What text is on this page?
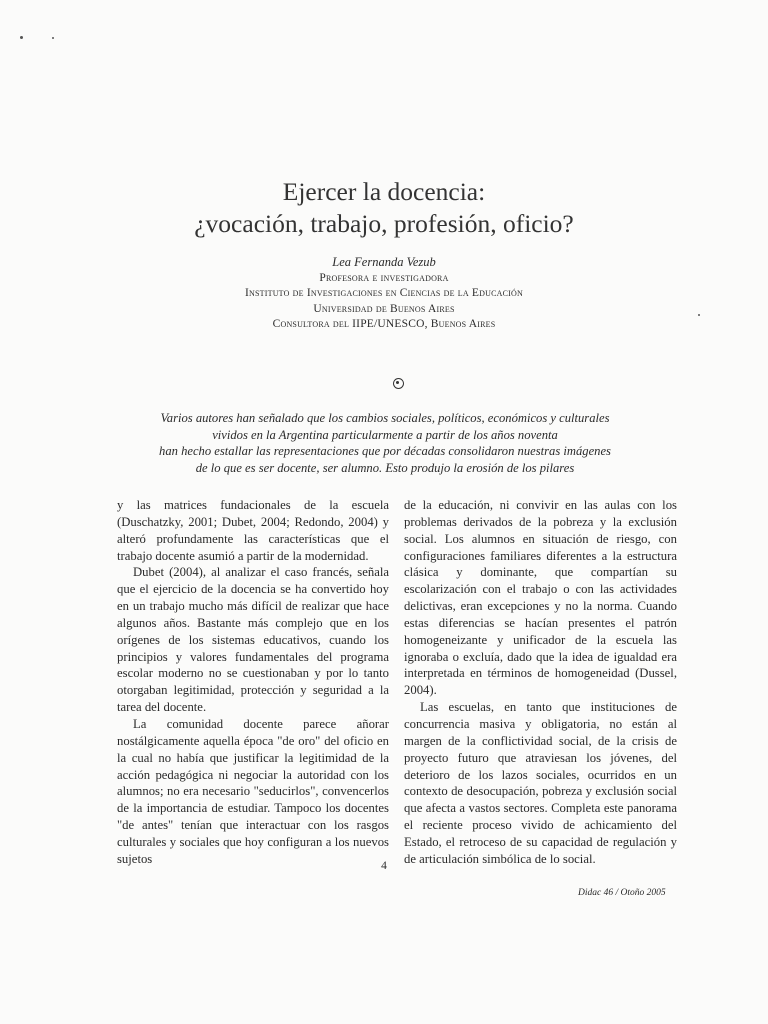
Ejercer la docencia:
¿vocación, trabajo, profesión, oficio?
Lea Fernanda Vezub
Profesora e investigadora
Instituto de Investigaciones en Ciencias de la Educación
Universidad de Buenos Aires
Consultora del IIPE/UNESCO, Buenos Aires
Varios autores han señalado que los cambios sociales, políticos, económicos y culturales
vividos en la Argentina particularmente a partir de los años noventa
han hecho estallar las representaciones que por décadas consolidaron nuestras imágenes
de lo que es ser docente, ser alumno. Esto produjo la erosión de los pilares

y las matrices fundacionales de la escuela (Duschatzky, 2001; Dubet, 2004; Redondo, 2004) y alteró profundamente las características que el trabajo docente asumió a partir de la modernidad.

Dubet (2004), al analizar el caso francés, señala que el ejercicio de la docencia se ha convertido hoy en un trabajo mucho más difícil de realizar que hace algunos años. Bastante más complejo que en los orígenes de los sistemas educativos, cuando los principios y valores fundamentales del programa escolar moderno no se cuestionaban y por lo tanto otorgaban legitimidad, protección y seguridad a la tarea del docente.

La comunidad docente parece añorar nostálgicamente aquella época "de oro" del oficio en la cual no había que justificar la legitimidad de la acción pedagógica ni negociar la autoridad con los alumnos; no era necesario "seducirlos", convencerlos de la importancia de estudiar. Tampoco los docentes "de antes" tenían que interactuar con los rasgos culturales y sociales que hoy configuran a los nuevos sujetos

de la educación, ni convivir en las aulas con los problemas derivados de la pobreza y la exclusión social. Los alumnos en situación de riesgo, con configuraciones familiares diferentes a la estructura clásica y dominante, que compartían su escolarización con el trabajo o con las actividades delictivas, eran excepciones y no la norma. Cuando estas diferencias se hacían presentes el patrón homogeneizante y unificador de la escuela las ignoraba o excluía, dado que la idea de igualdad era interpretada en términos de homogeneidad (Dussel, 2004).

Las escuelas, en tanto que instituciones de concurrencia masiva y obligatoria, no están al margen de la conflictividad social, de la crisis de proyecto futuro que atraviesan los jóvenes, del deterioro de los lazos sociales, ocurridos en un contexto de desocupación, pobreza y exclusión social que afecta a vastos sectores. Completa este panorama el reciente proceso vivido de achicamiento del Estado, el retroceso de su capacidad de regulación y de articulación simbólica de lo social.

4
Didac 46 / Otoño 2005
